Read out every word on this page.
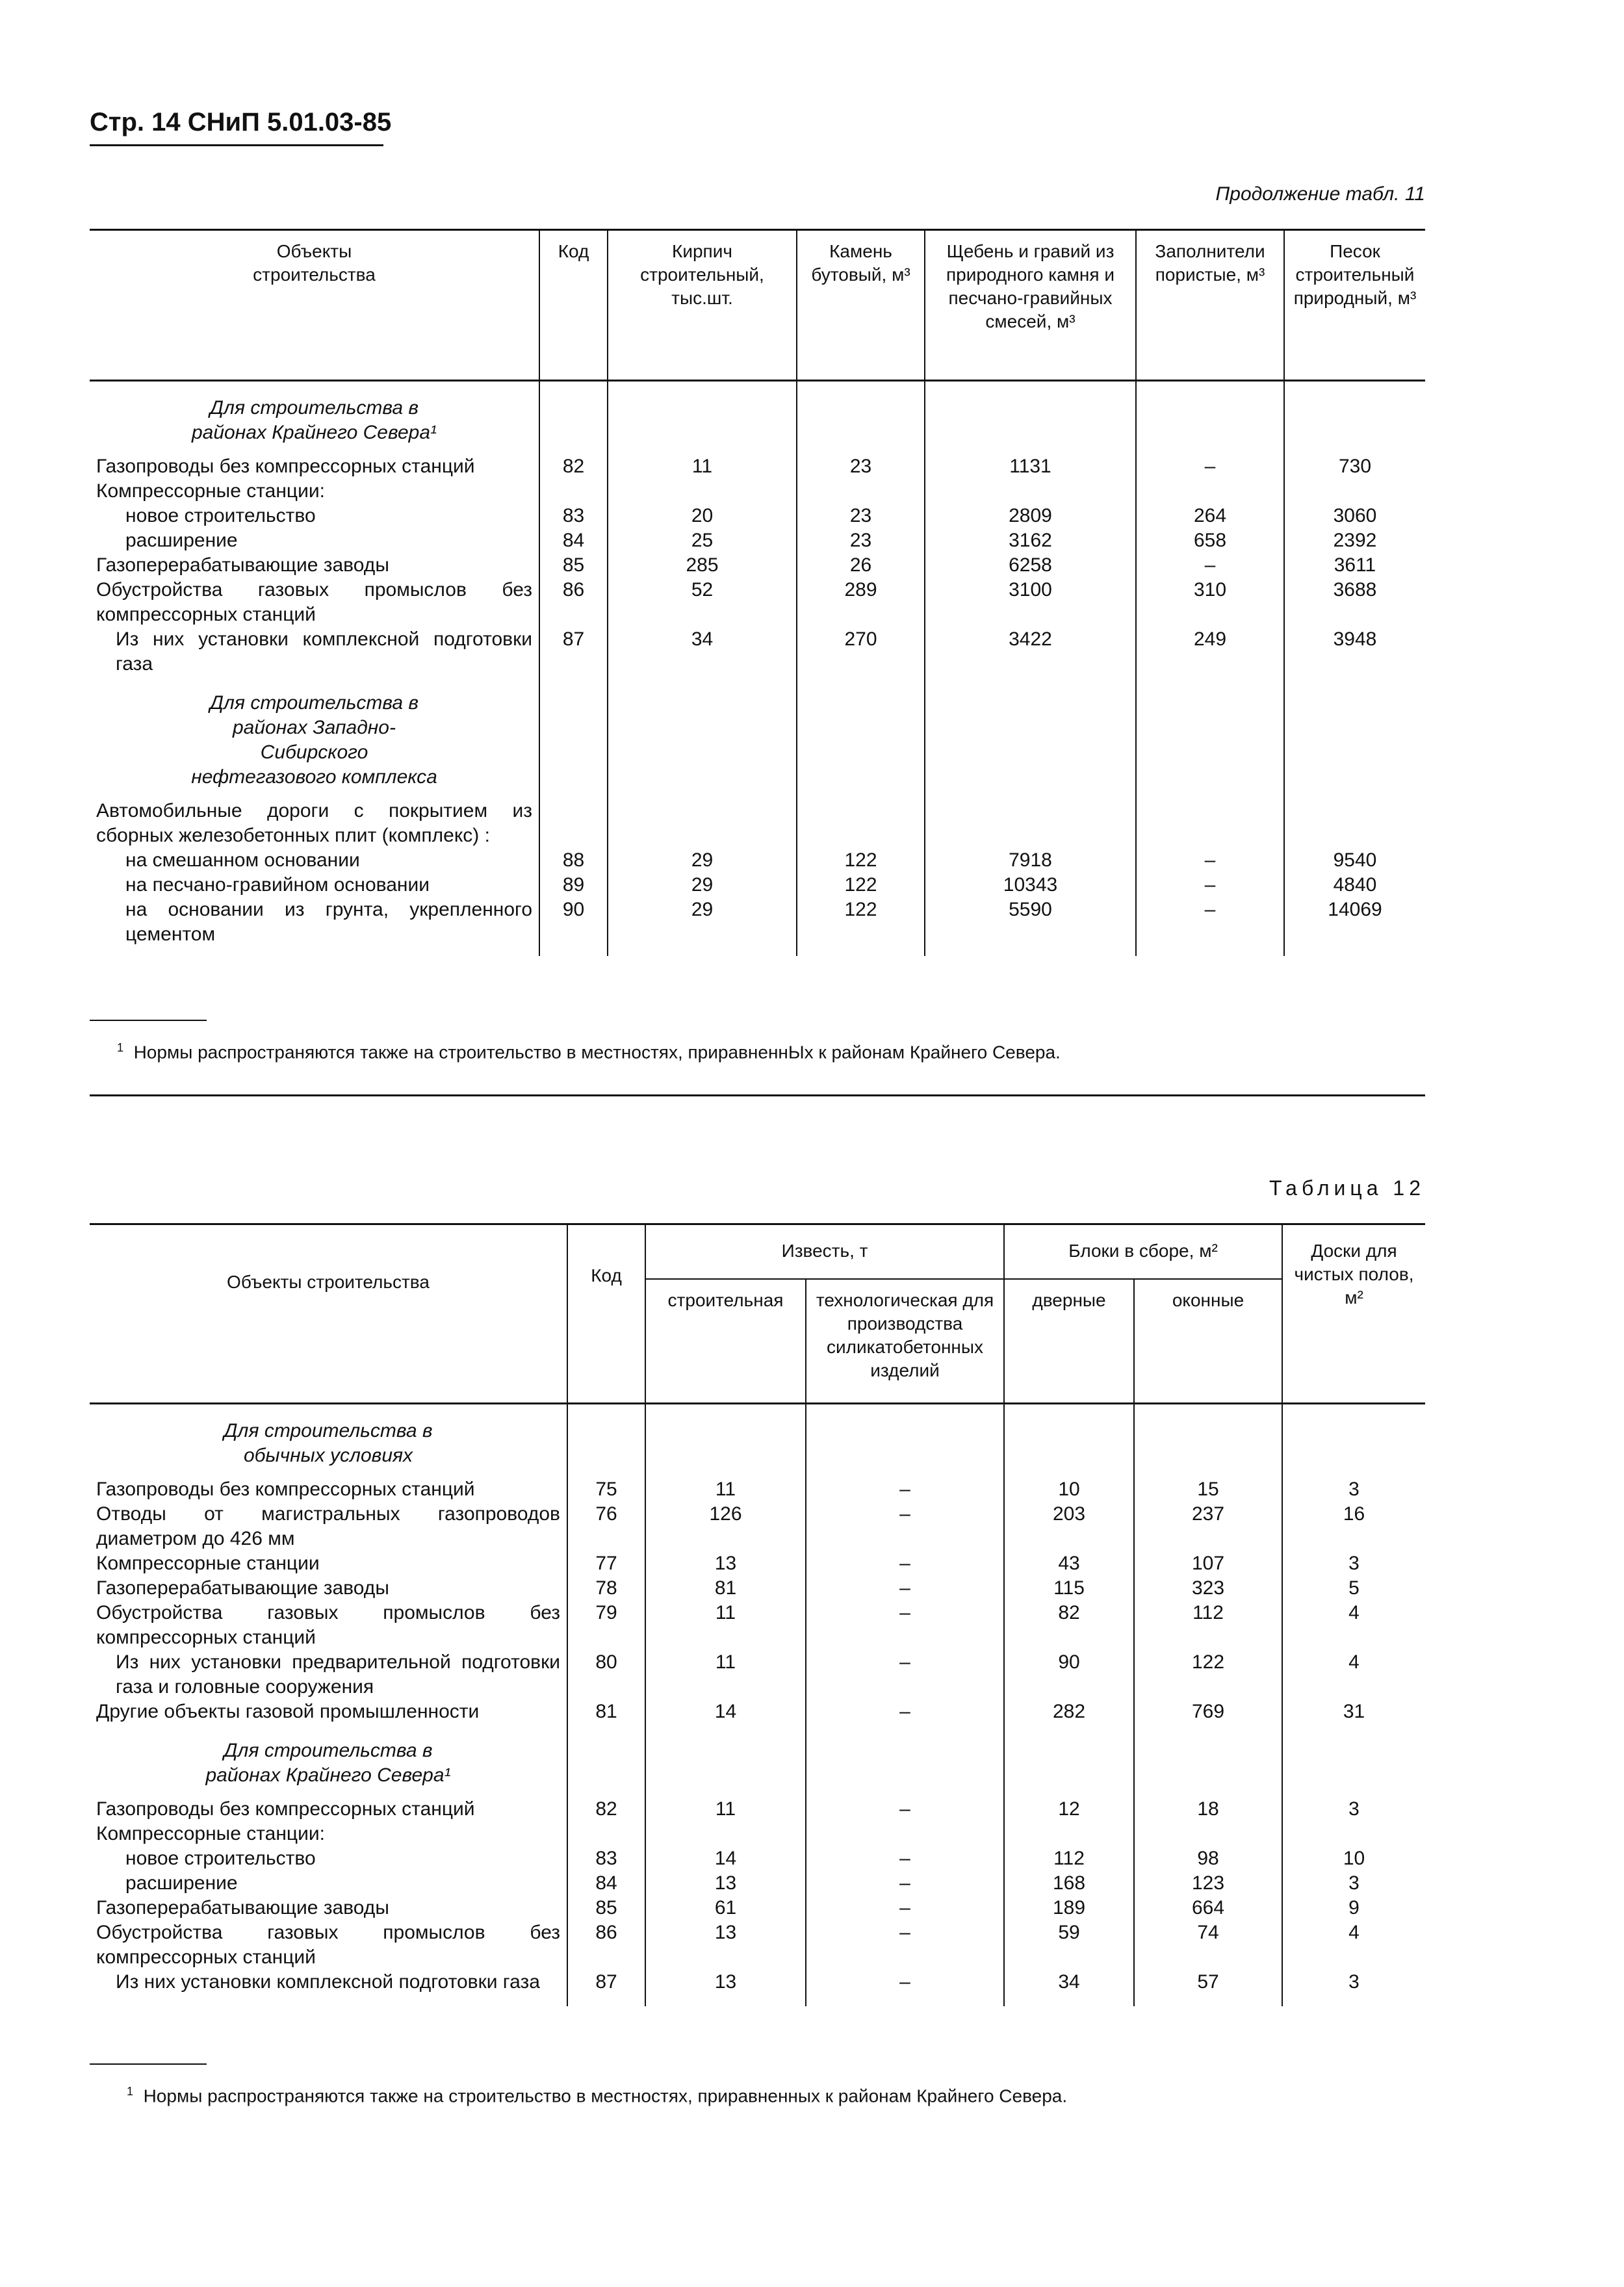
Стр. 14 СНиП 5.01.03-85
Продолжение табл. 11
Объекты строительства	Код	Кирпич строительный, тыс.шт.	Камень бутовый, м³	Щебень и гравий из природного камня и песчано-гравийных смесей, м³	Заполнители пористые, м³	Песок строительный природный, м³
Для строительства в районах Крайнего Севера¹						
Газопроводы без компрессорных станций	82	11	23	1131	–	730
Компрессорные станции:						
новое строительство	83	20	23	2809	264	3060
расширение	84	25	23	3162	658	2392
Газоперерабатывающие заводы	85	285	26	6258	–	3611
Обустройства газовых промыслов без компрессорных станций	86	52	289	3100	310	3688
Из них установки комплексной подготовки газа	87	34	270	3422	249	3948
Для строительства в районах Западно-Сибирского нефтегазового комплекса						
Автомобильные дороги с покрытием из сборных железобетонных плит (комплекс) :						
на смешанном основании	88	29	122	7918	–	9540
на песчано-гравийном основании	89	29	122	10343	–	4840
на основании из грунта, укрепленного цементом	90	29	122	5590	–	14069

$^1$ Нормы распространяются также на строительство в местностях, приравненнЫх к районам Крайнего Севера.
Таблица 12
Объекты строительства	Код	Известь, т		Блоки в сборе, м²		Доски для чистых полов, м²
		строительная	технологическая для производства силикатобетонных изделий	дверные	оконные	
Для строительства в обычных условиях						
Газопроводы без компрессорных станций	75	11	–	10	15	3
Отводы от магистральных газопроводов диаметром до 426 мм	76	126	–	203	237	16
Компрессорные станции	77	13	–	43	107	3
Газоперерабатывающие заводы	78	81	–	115	323	5
Обустройства газовых промыслов без компрессорных станций	79	11	–	82	112	4
Из них установки предварительной подготовки газа и головные сооружения	80	11	–	90	122	4
Другие объекты газовой промышленности	81	14	–	282	769	31
Для строительства в районах Крайнего Севера¹						
Газопроводы без компрессорных станций	82	11	–	12	18	3
Компрессорные станции:						
новое строительство	83	14	–	112	98	10
расширение	84	13	–	168	123	3
Газоперерабатывающие заводы	85	61	–	189	664	9
Обустройства газовых промыслов без компрессорных станций	86	13	–	59	74	4
Из них установки комплексной подготовки газа	87	13	–	34	57	3

$^1$ Нормы распространяются также на строительство в местностях, приравненных к районам Крайнего Севера.
